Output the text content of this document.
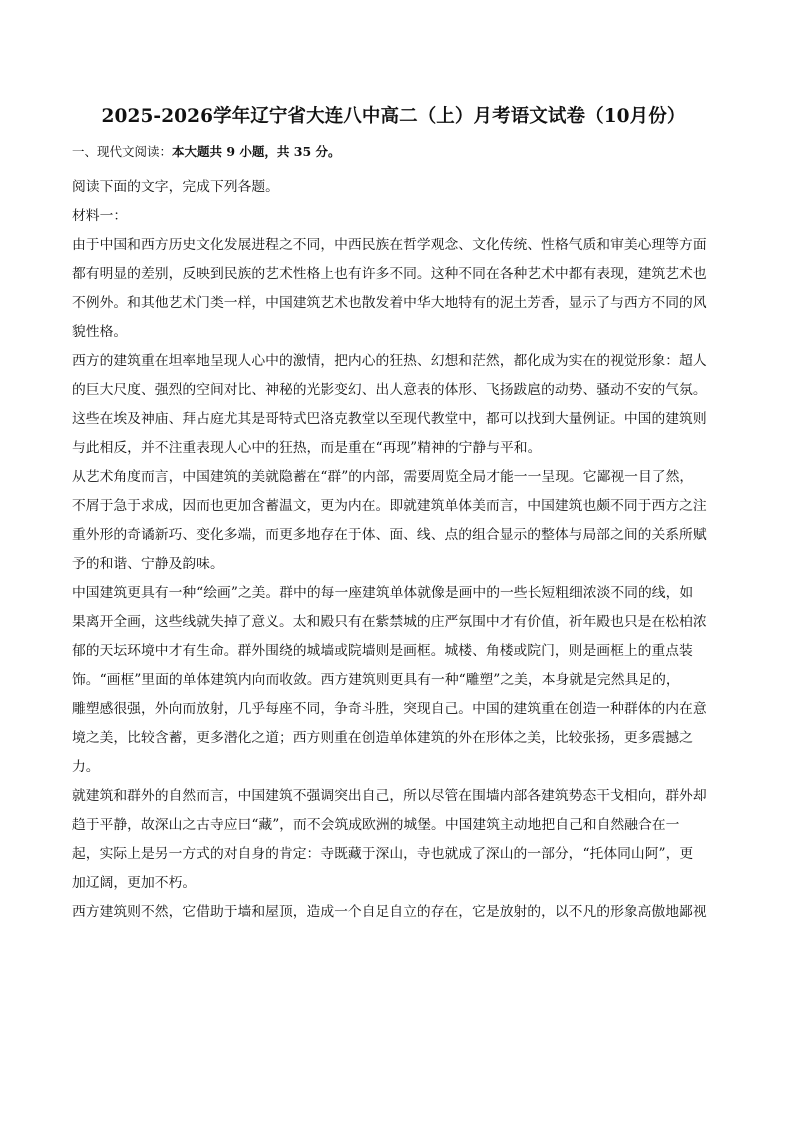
2025-2026学年辽宁省大连八中高二（上）月考语文试卷（10月份）
一、现代文阅读：本大题共 9 小题，共 35 分。

阅读下面的文字，完成下列各题。

材料一：

由于中国和西方历史文化发展进程之不同，中西民族在哲学观念、文化传统、性格气质和审美心理等方面
都有明显的差别，反映到民族的艺术性格上也有许多不同。这种不同在各种艺术中都有表现，建筑艺术也
不例外。和其他艺术门类一样，中国建筑艺术也散发着中华大地特有的泥土芳香，显示了与西方不同的风
貌性格。
西方的建筑重在坦率地呈现人心中的激情，把内心的狂热、幻想和茫然，都化成为实在的视觉形象：超人
的巨大尺度、强烈的空间对比、神秘的光影变幻、出人意表的体形、飞扬跋扈的动势、骚动不安的气氛。
这些在埃及神庙、拜占庭尤其是哥特式巴洛克教堂以至现代教堂中，都可以找到大量例证。中国的建筑则
与此相反，并不注重表现人心中的狂热，而是重在“再现”精神的宁静与平和。
从艺术角度而言，中国建筑的美就隐蓄在“群”的内部，需要周览全局才能一一呈现。它鄙视一目了然，
不屑于急于求成，因而也更加含蓄温文，更为内在。即就建筑单体美而言，中国建筑也颇不同于西方之注
重外形的奇谲新巧、变化多端，而更多地存在于体、面、线、点的组合显示的整体与局部之间的关系所赋
予的和谐、宁静及韵味。
中国建筑更具有一种“绘画”之美。群中的每一座建筑单体就像是画中的一些长短粗细浓淡不同的线，如
果离开全画，这些线就失掉了意义。太和殿只有在紫禁城的庄严氛围中才有价值，祈年殿也只是在松柏浓
郁的天坛环境中才有生命。群外围绕的城墙或院墙则是画框。城楼、角楼或院门，则是画框上的重点装
饰。“画框”里面的单体建筑内向而收敛。西方建筑则更具有一种“雕塑”之美，本身就是完然具足的，
雕塑感很强，外向而放射，几乎每座不同，争奇斗胜，突现自己。中国的建筑重在创造一种群体的内在意
境之美，比较含蓄，更多潜化之道；西方则重在创造单体建筑的外在形体之美，比较张扬，更多震撼之
力。
就建筑和群外的自然而言，中国建筑不强调突出自己，所以尽管在围墙内部各建筑势态干戈相向，群外却
趋于平静，故深山之古寺应曰“藏”，而不会筑成欧洲的城堡。中国建筑主动地把自己和自然融合在一
起，实际上是另一方式的对自身的肯定：寺既藏于深山，寺也就成了深山的一部分，“托体同山阿”，更
加辽阔，更加不朽。
西方建筑则不然，它借助于墙和屋顶，造成一个自足自立的存在，它是放射的，以不凡的形象高傲地鄙视
